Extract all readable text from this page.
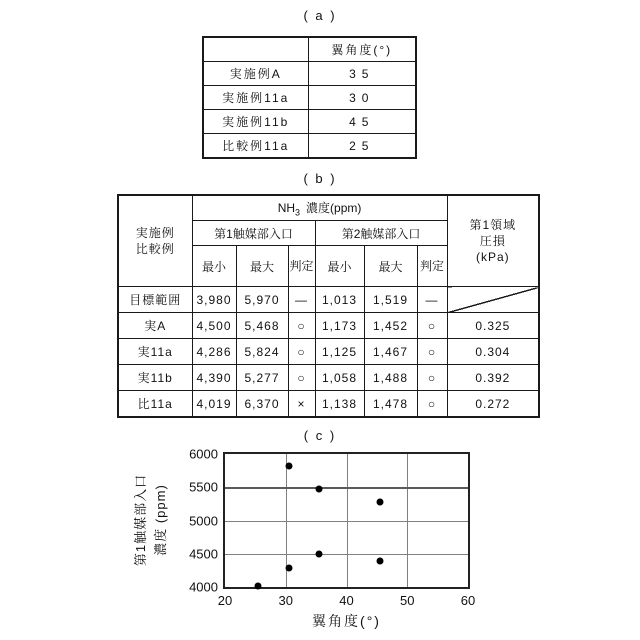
( a )
	翼角度(°)
実施例A	35
実施例11a	30
実施例11b	45
比較例11a	25
( b )
実施例
比較例	$NH_3$ 濃度(ppm)						第1領域
圧損
(kPa)

	第1触媒部入口			第2触媒部入口			
	最小	最大	判定	最小	最大	判定	
目標範囲	3,980	5,970	—	1,013	1,519	—	
実A	4,500	5,468	○	1,173	1,452	○	0.325
実11a	4,286	5,824	○	1,125	1,467	○	0.304
実11b	4,390	5,277	○	1,058	1,488	○	0.392
比11a	4,019	6,370	×	1,138	1,478	○	0.272
( c )
第1触媒部入口 濃度 (ppm)
4000
4500
5000
5500
6000
20	30	40	50	60
翼角度(°)
